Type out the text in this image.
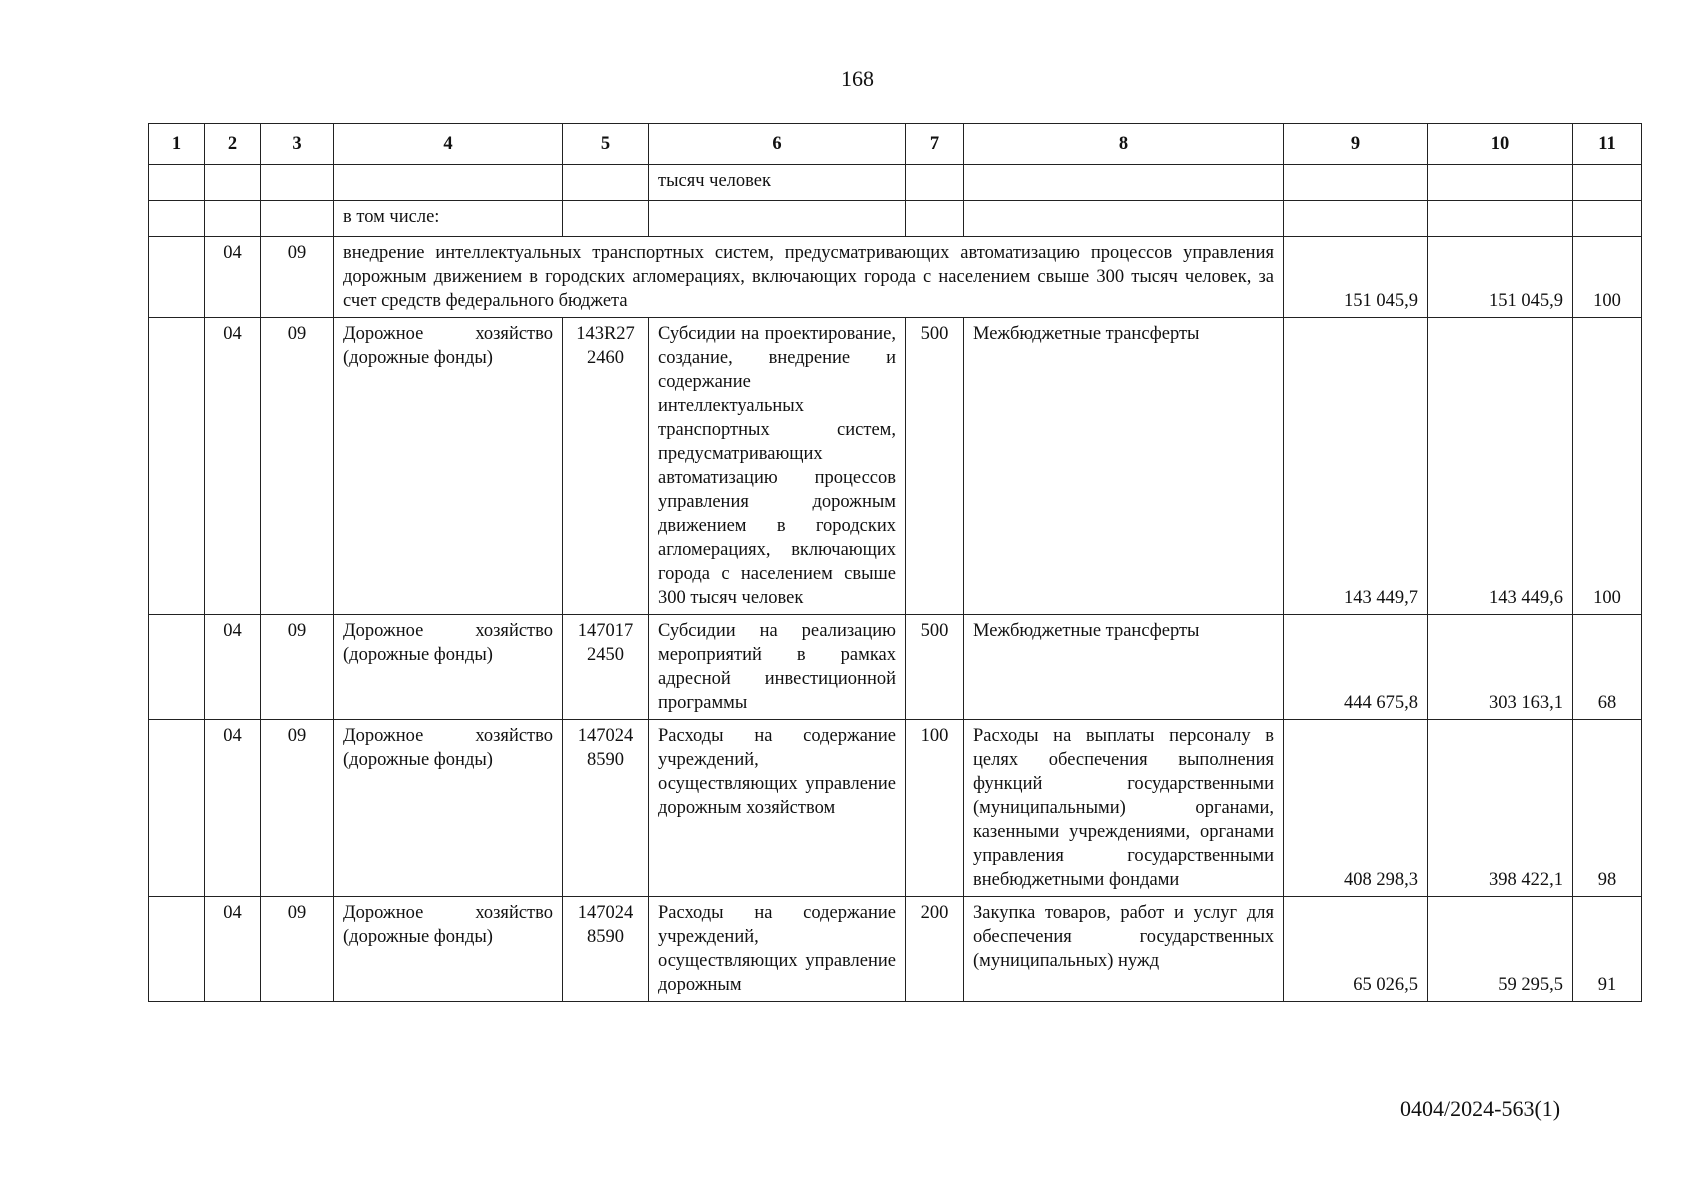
168
1	2	3	4	5	6	7	8	9	10	11
					тысяч человек					
			в том числе:							
	04	09	внедрение интеллектуальных транспортных систем, предусматривающих автоматизацию процессов управления дорожным движением в городских агломерациях, включающих города с населением свыше 300 тысяч человек, за счет средств федерального бюджета					151 045,9	151 045,9	100
	04	09	Дорожное хозяйство (дорожные фонды)	143R27 2460	Субсидии на проектирование, создание, внедрение и содержание интеллектуальных транспортных систем, предусматривающих автоматизацию процессов управления дорожным движением в городских агломерациях, включающих города с населением свыше 300 тысяч человек	500	Межбюджетные трансферты	143 449,7	143 449,6	100
	04	09	Дорожное хозяйство (дорожные фонды)	147017 2450	Субсидии на реализацию мероприятий в рамках адресной инвестиционной программы	500	Межбюджетные трансферты	444 675,8	303 163,1	68
	04	09	Дорожное хозяйство (дорожные фонды)	147024 8590	Расходы на содержание учреждений, осуществляющих управление дорожным хозяйством	100	Расходы на выплаты персоналу в целях обеспечения выполнения функций государственными (муниципальными) органами, казенными учреждениями, органами управления государственными внебюджетными фондами	408 298,3	398 422,1	98
	04	09	Дорожное хозяйство (дорожные фонды)	147024 8590	Расходы на содержание учреждений, осуществляющих управление дорожным	200	Закупка товаров, работ и услуг для обеспечения государственных (муниципальных) нужд	65 026,5	59 295,5	91
0404/2024-563(1)
